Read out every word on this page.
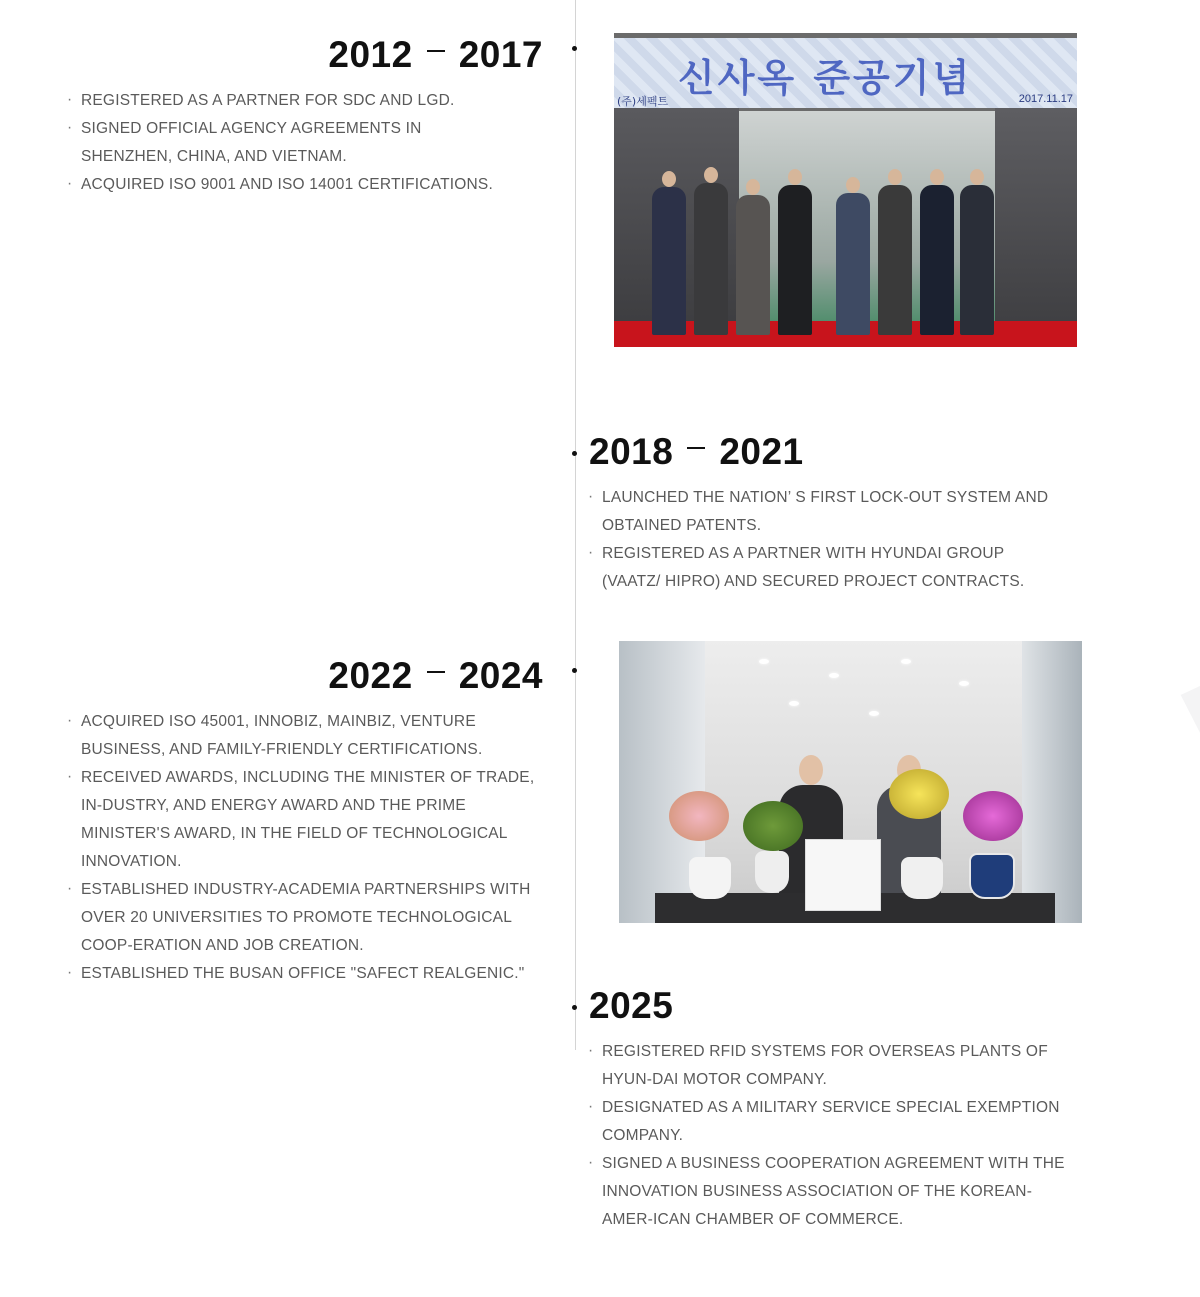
2012 2017
· REGISTERED AS A PARTNER FOR SDC AND LGD.
· SIGNED OFFICIAL AGENCY AGREEMENTS IN SHENZHEN, CHINA, AND VIETNAM.
· ACQUIRED ISO 9001 AND ISO 14001 CERTIFICATIONS.
신사옥 준공기념
(주)세펙트	2017.11.17
2018 2021
· LAUNCHED THE NATION’ S FIRST LOCK-OUT SYSTEM AND OBTAINED PATENTS.
· REGISTERED AS A PARTNER WITH HYUNDAI GROUP (VAATZ/ HIPRO) AND SECURED PROJECT CONTRACTS.
2022 2024
· ACQUIRED ISO 45001, INNOBIZ, MAINBIZ, VENTURE BUSINESS, AND FAMILY-FRIENDLY CERTIFICATIONS.
· RECEIVED AWARDS, INCLUDING THE MINISTER OF TRADE, IN-DUSTRY, AND ENERGY AWARD AND THE PRIME MINISTER'S AWARD, IN THE FIELD OF TECHNOLOGICAL INNOVATION.
· ESTABLISHED INDUSTRY-ACADEMIA PARTNERSHIPS WITH OVER 20 UNIVERSITIES TO PROMOTE TECHNOLOGICAL COOP-ERATION AND JOB CREATION.
· ESTABLISHED THE BUSAN OFFICE "SAFECT REALGENIC."
2025
· REGISTERED RFID SYSTEMS FOR OVERSEAS PLANTS OF HYUN-DAI MOTOR COMPANY.
· DESIGNATED AS A MILITARY SERVICE SPECIAL EXEMPTION COMPANY.
· SIGNED A BUSINESS COOPERATION AGREEMENT WITH THE INNOVATION BUSINESS ASSOCIATION OF THE KOREAN-AMER-ICAN CHAMBER OF COMMERCE.
